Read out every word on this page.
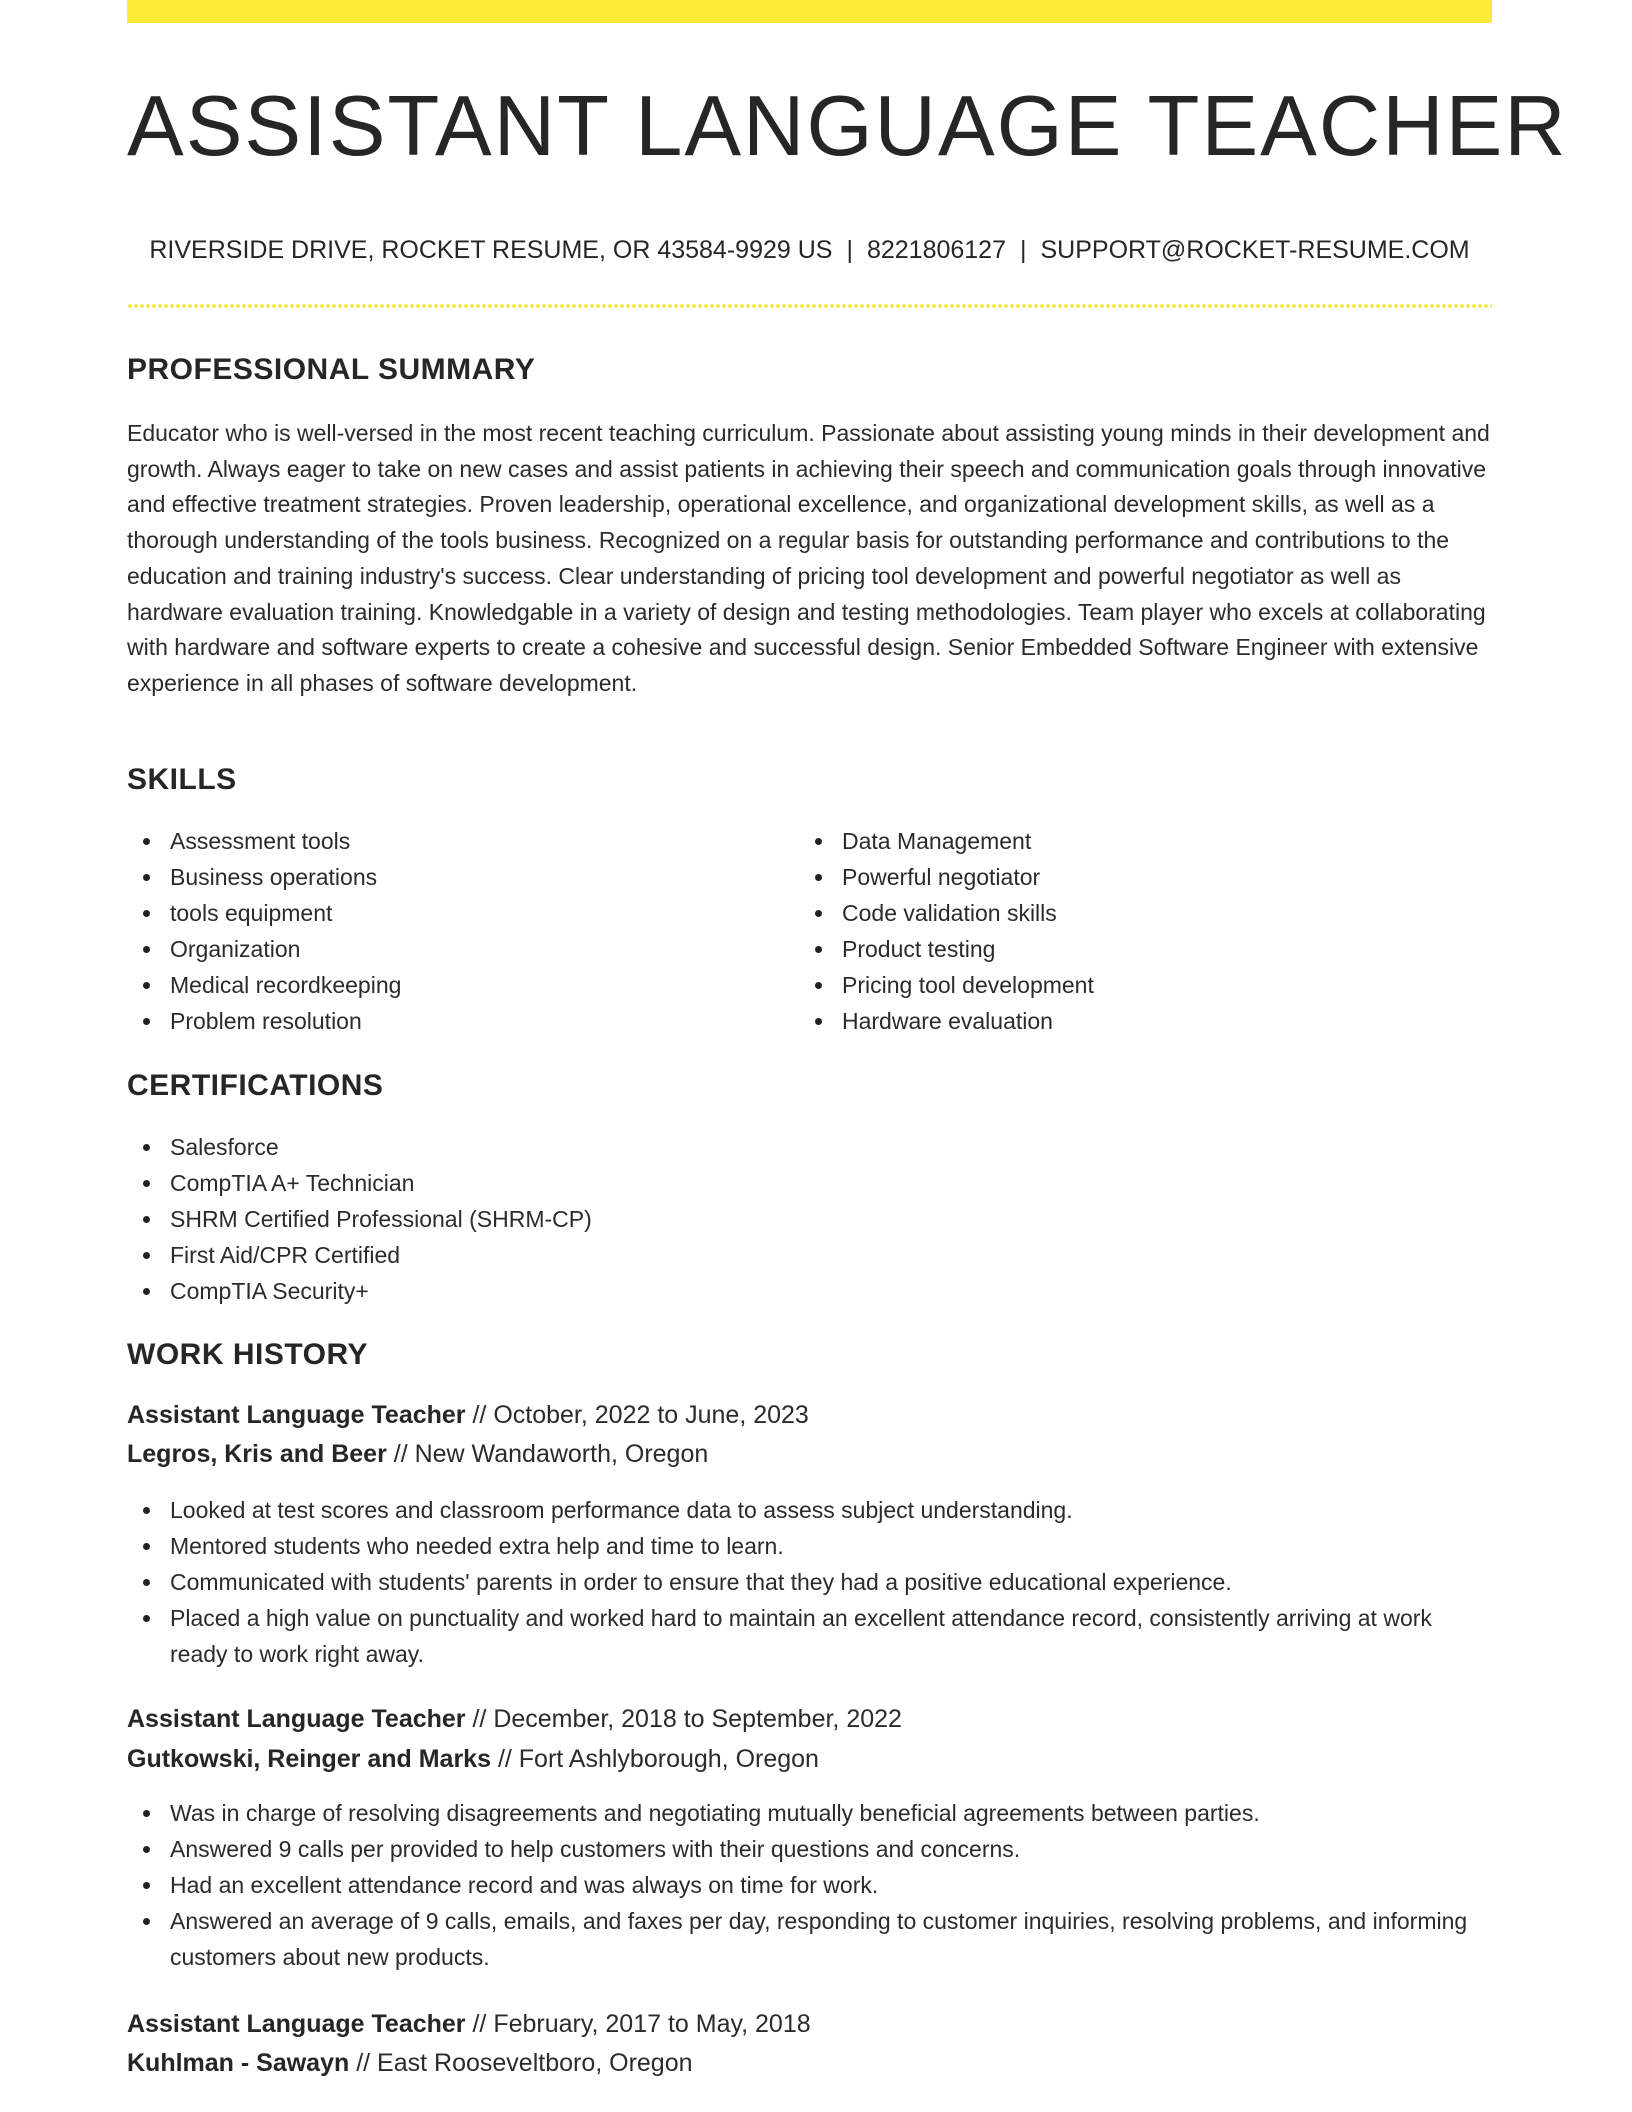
ASSISTANT LANGUAGE TEACHER
RIVERSIDE DRIVE, ROCKET RESUME, OR 43584-9929 US | 8221806127 | SUPPORT@ROCKET-RESUME.COM
PROFESSIONAL SUMMARY

Educator who is well-versed in the most recent teaching curriculum. Passionate about assisting young minds in their development and growth. Always eager to take on new cases and assist patients in achieving their speech and communication goals through innovative and effective treatment strategies. Proven leadership, operational excellence, and organizational development skills, as well as a thorough understanding of the tools business. Recognized on a regular basis for outstanding performance and contributions to the education and training industry's success. Clear understanding of pricing tool development and powerful negotiator as well as hardware evaluation training. Knowledgable in a variety of design and testing methodologies. Team player who excels at collaborating with hardware and software experts to create a cohesive and successful design. Senior Embedded Software Engineer with extensive experience in all phases of software development.

SKILLS
Assessment tools
Business operations
tools equipment
Organization
Medical recordkeeping
Problem resolution
Data Management
Powerful negotiator
Code validation skills
Product testing
Pricing tool development
Hardware evaluation
CERTIFICATIONS
Salesforce
CompTIA A+ Technician
SHRM Certified Professional (SHRM-CP)
First Aid/CPR Certified
CompTIA Security+
WORK HISTORY
Assistant Language Teacher // October, 2022 to June, 2023
Legros, Kris and Beer // New Wandaworth, Oregon
Looked at test scores and classroom performance data to assess subject understanding.
Mentored students who needed extra help and time to learn.
Communicated with students' parents in order to ensure that they had a positive educational experience.
Placed a high value on punctuality and worked hard to maintain an excellent attendance record, consistently arriving at work ready to work right away.
Assistant Language Teacher // December, 2018 to September, 2022
Gutkowski, Reinger and Marks // Fort Ashlyborough, Oregon
Was in charge of resolving disagreements and negotiating mutually beneficial agreements between parties.
Answered 9 calls per provided to help customers with their questions and concerns.
Had an excellent attendance record and was always on time for work.
Answered an average of 9 calls, emails, and faxes per day, responding to customer inquiries, resolving problems, and informing customers about new products.
Assistant Language Teacher // February, 2017 to May, 2018
Kuhlman - Sawayn // East Rooseveltboro, Oregon
